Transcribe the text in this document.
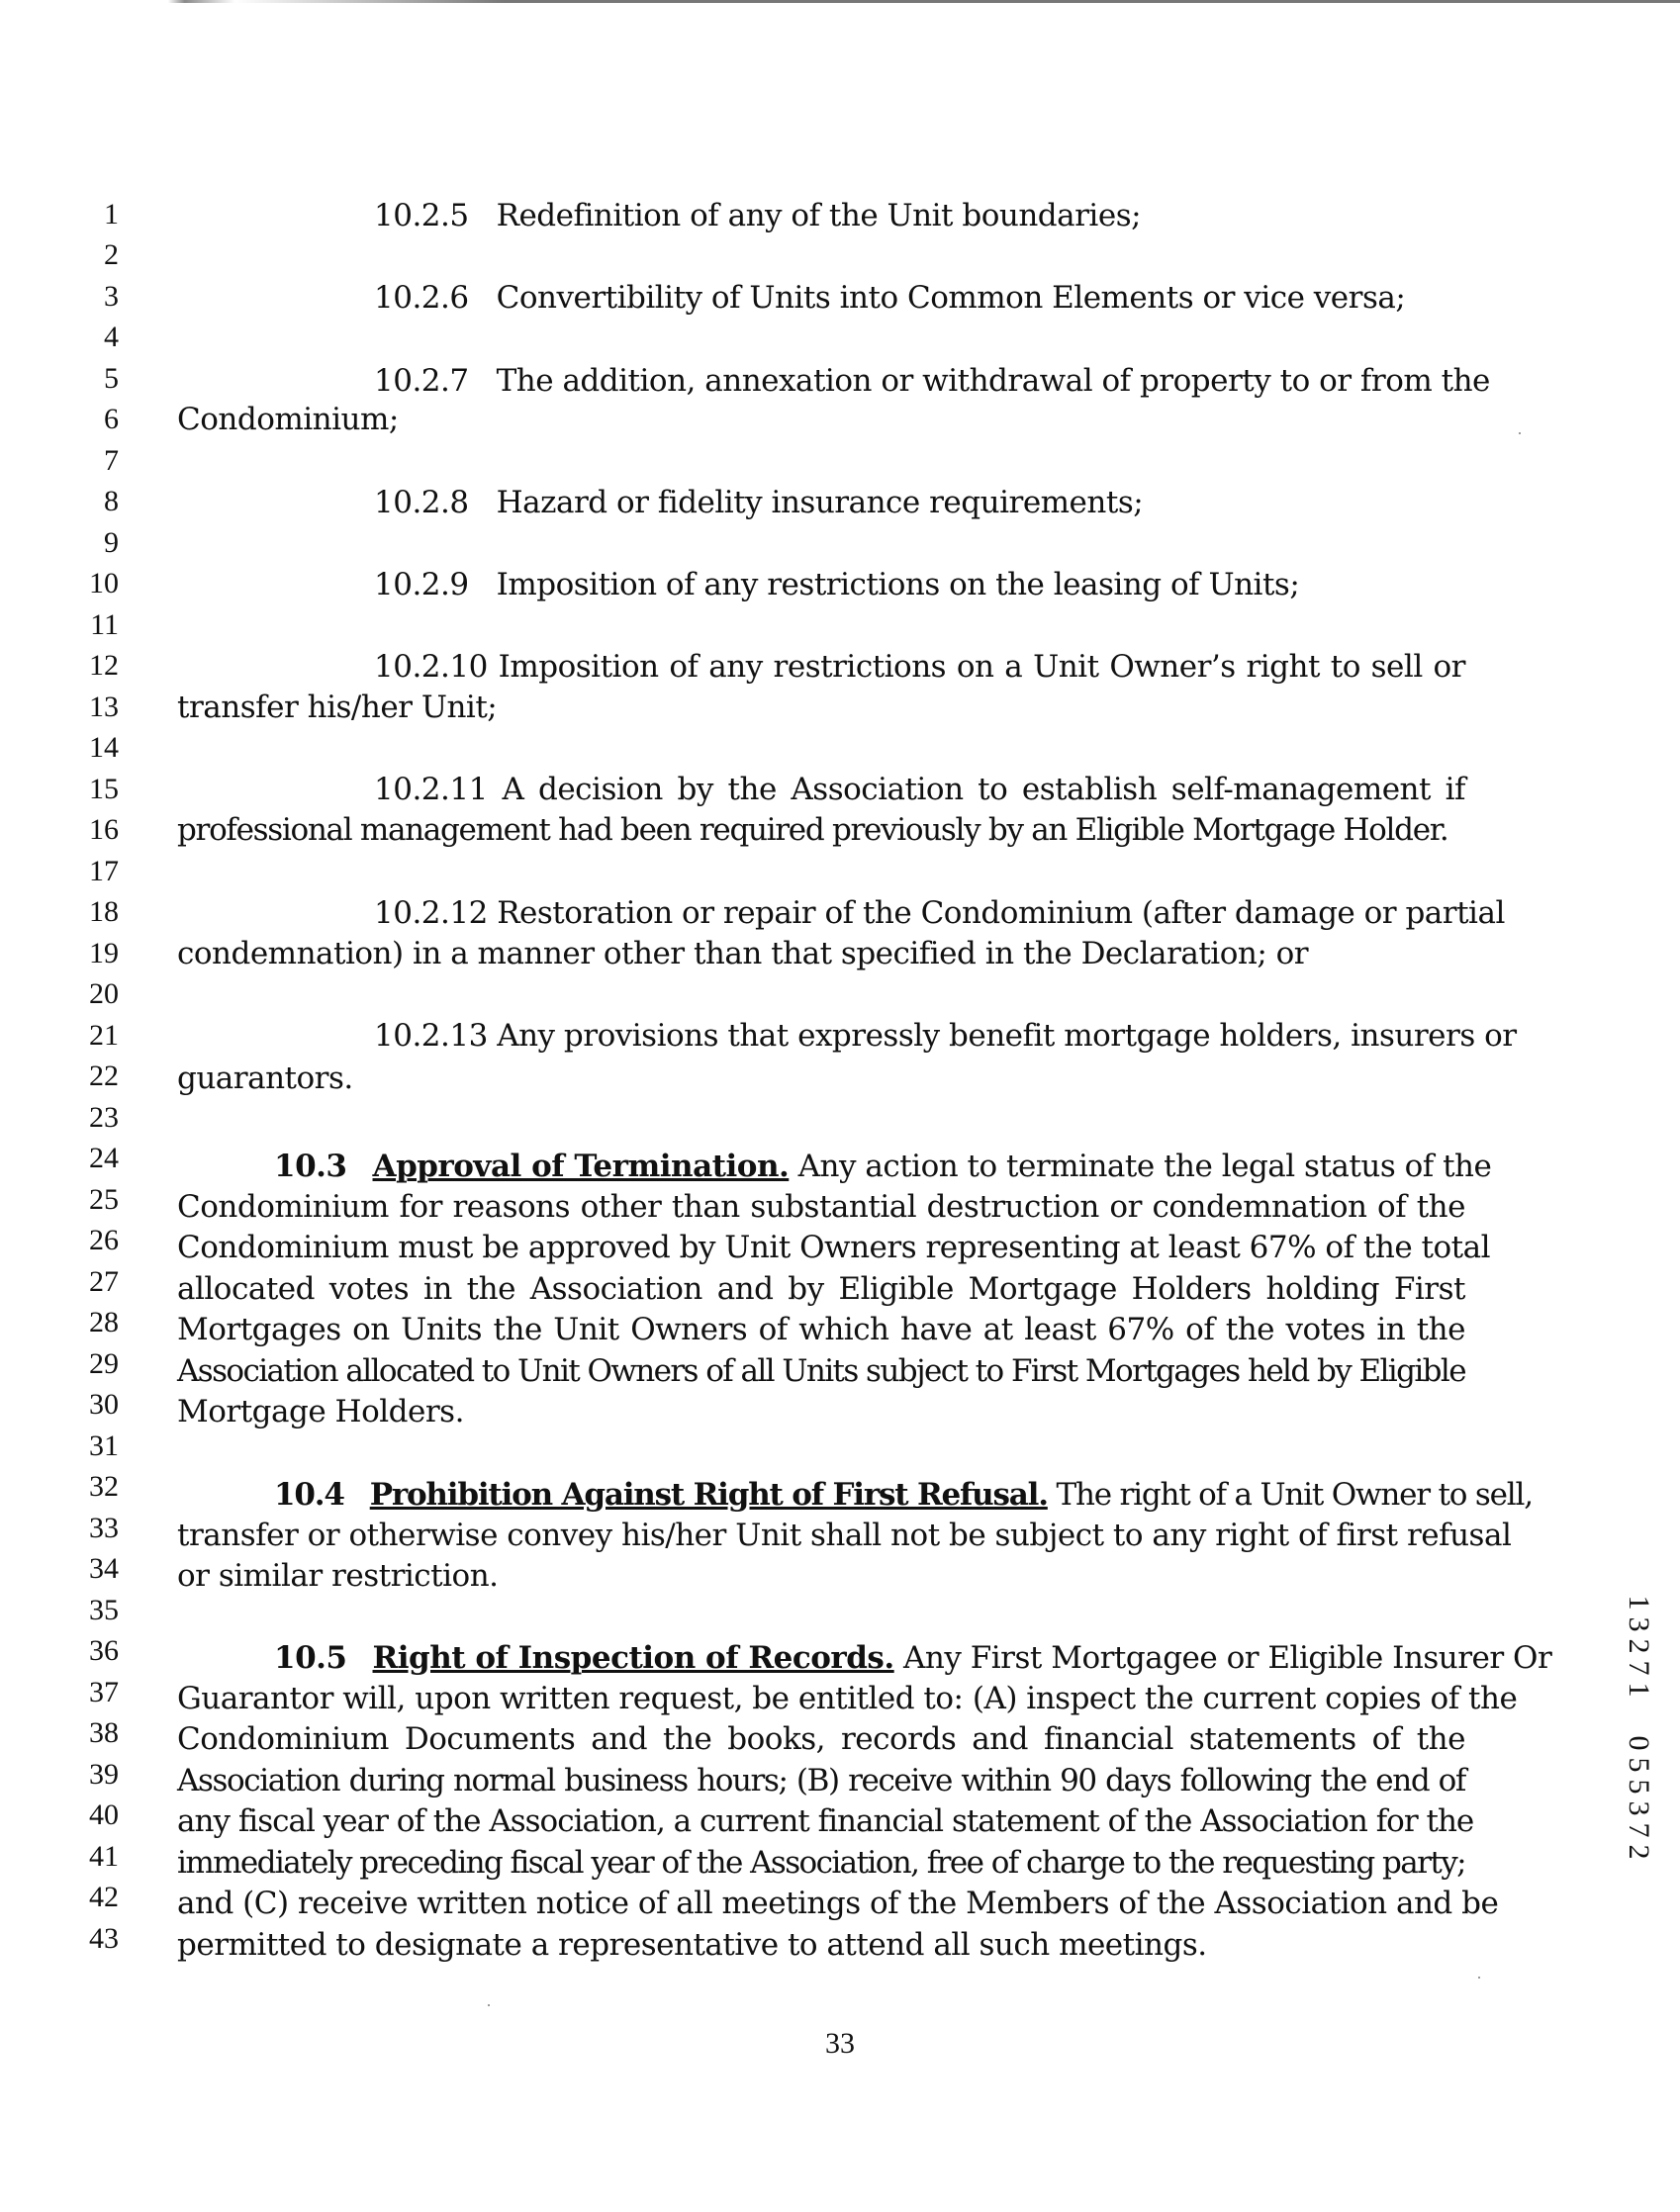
1
2
3
4
5
6
7
8
9
10
11
12
13
14
15
16
17
18
19
20
21
22
23
24
25
26
27
28
29
30
31
32
33
34
35
36
37
38
39
40
41
42
43
10.2.5 Redefinition of any of the Unit boundaries;
10.2.6 Convertibility of Units into Common Elements or vice versa;
10.2.7 The addition, annexation or withdrawal of property to or from the
Condominium;
10.2.8 Hazard or fidelity insurance requirements;
10.2.9 Imposition of any restrictions on the leasing of Units;
10.2.10 Imposition of any restrictions on a Unit Owner’s right to sell or
transfer his/her Unit;
10.2.11 A decision by the Association to establish self-management if
professional management had been required previously by an Eligible Mortgage Holder.
10.2.12 Restoration or repair of the Condominium (after damage or partial
condemnation) in a manner other than that specified in the Declaration; or
10.2.13 Any provisions that expressly benefit mortgage holders, insurers or
guarantors.
10.3 Approval of Termination. Any action to terminate the legal status of the
Condominium for reasons other than substantial destruction or condemnation of the
Condominium must be approved by Unit Owners representing at least 67% of the total
allocated votes in the Association and by Eligible Mortgage Holders holding First
Mortgages on Units the Unit Owners of which have at least 67% of the votes in the
Association allocated to Unit Owners of all Units subject to First Mortgages held by Eligible
Mortgage Holders.
10.4 Prohibition Against Right of First Refusal. The right of a Unit Owner to sell,
transfer or otherwise convey his/her Unit shall not be subject to any right of first refusal
or similar restriction.
10.5 Right of Inspection of Records. Any First Mortgagee or Eligible Insurer Or
Guarantor will, upon written request, be entitled to: (A) inspect the current copies of the
Condominium Documents and the books, records and financial statements of the
Association during normal business hours; (B) receive within 90 days following the end of
any fiscal year of the Association, a current financial statement of the Association for the
immediately preceding fiscal year of the Association, free of charge to the requesting party;
and (C) receive written notice of all meetings of the Members of the Association and be
permitted to designate a representative to attend all such meetings.
33
1
3
2
7
1
0
5
5
3
7
2
